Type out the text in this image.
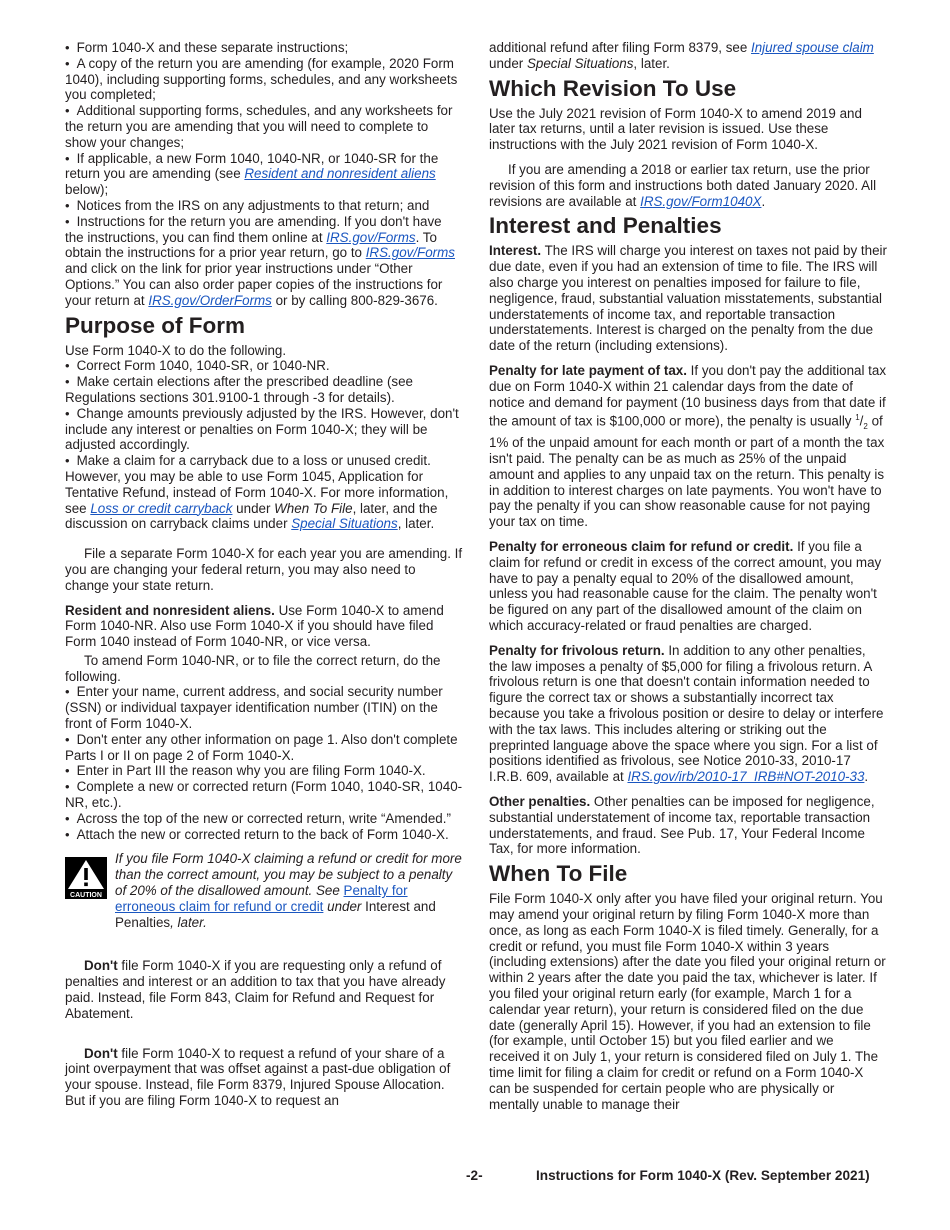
• Form 1040-X and these separate instructions;

• A copy of the return you are amending (for example, 2020 Form 1040), including supporting forms, schedules, and any worksheets you completed;

• Additional supporting forms, schedules, and any worksheets for the return you are amending that you will need to complete to show your changes;

• If applicable, a new Form 1040, 1040-NR, or 1040-SR for the return you are amending (see Resident and nonresident aliens below);

• Notices from the IRS on any adjustments to that return; and

• Instructions for the return you are amending. If you don't have the instructions, you can find them online at IRS.gov/Forms. To obtain the instructions for a prior year return, go to IRS.gov/Forms and click on the link for prior year instructions under “Other Options.” You can also order paper copies of the instructions for your return at IRS.gov/OrderForms or by calling 800-829-3676.

Purpose of Form

Use Form 1040-X to do the following.

• Correct Form 1040, 1040-SR, or 1040-NR.

• Make certain elections after the prescribed deadline (see Regulations sections 301.9100-1 through -3 for details).

• Change amounts previously adjusted by the IRS. However, don't include any interest or penalties on Form 1040-X; they will be adjusted accordingly.

• Make a claim for a carryback due to a loss or unused credit. However, you may be able to use Form 1045, Application for Tentative Refund, instead of Form 1040-X. For more information, see Loss or credit carryback under When To File, later, and the discussion on carryback claims under Special Situations, later.

File a separate Form 1040-X for each year you are amending. If you are changing your federal return, you may also need to change your state return.

Resident and nonresident aliens. Use Form 1040-X to amend Form 1040-NR. Also use Form 1040-X if you should have filed Form 1040 instead of Form 1040-NR, or vice versa.

To amend Form 1040-NR, or to file the correct return, do the following.

• Enter your name, current address, and social security number (SSN) or individual taxpayer identification number (ITIN) on the front of Form 1040-X.

• Don't enter any other information on page 1. Also don't complete Parts I or II on page 2 of Form 1040-X.

• Enter in Part III the reason why you are filing Form 1040-X.

• Complete a new or corrected return (Form 1040, 1040-SR, 1040-NR, etc.).

• Across the top of the new or corrected return, write “Amended.”

• Attach the new or corrected return to the back of Form 1040-X.

CAUTION

If you file Form 1040-X claiming a refund or credit for more than the correct amount, you may be subject to a penalty of 20% of the disallowed amount. See Penalty for erroneous claim for refund or credit under Interest and Penalties, later.

Don't file Form 1040-X if you are requesting only a refund of penalties and interest or an addition to tax that you have already paid. Instead, file Form 843, Claim for Refund and Request for Abatement.

Don't file Form 1040-X to request a refund of your share of a joint overpayment that was offset against a past-due obligation of your spouse. Instead, file Form 8379, Injured Spouse Allocation. But if you are filing Form 1040-X to request an

additional refund after filing Form 8379, see Injured spouse claim under Special Situations, later.

Which Revision To Use

Use the July 2021 revision of Form 1040-X to amend 2019 and later tax returns, until a later revision is issued. Use these instructions with the July 2021 revision of Form 1040-X.

If you are amending a 2018 or earlier tax return, use the prior revision of this form and instructions both dated January 2020. All revisions are available at IRS.gov/Form1040X.

Interest and Penalties

Interest. The IRS will charge you interest on taxes not paid by their due date, even if you had an extension of time to file. The IRS will also charge you interest on penalties imposed for failure to file, negligence, fraud, substantial valuation misstatements, substantial understatements of income tax, and reportable transaction understatements. Interest is charged on the penalty from the due date of the return (including extensions).

Penalty for late payment of tax. If you don't pay the additional tax due on Form 1040-X within 21 calendar days from the date of notice and demand for payment (10 business days from that date if the amount of tax is $100,000 or more), the penalty is usually $^1/_2$ of 1% of the unpaid amount for each month or part of a month the tax isn't paid. The penalty can be as much as 25% of the unpaid amount and applies to any unpaid tax on the return. This penalty is in addition to interest charges on late payments. You won't have to pay the penalty if you can show reasonable cause for not paying your tax on time.

Penalty for erroneous claim for refund or credit. If you file a claim for refund or credit in excess of the correct amount, you may have to pay a penalty equal to 20% of the disallowed amount, unless you had reasonable cause for the claim. The penalty won't be figured on any part of the disallowed amount of the claim on which accuracy-related or fraud penalties are charged.

Penalty for frivolous return. In addition to any other penalties, the law imposes a penalty of $5,000 for filing a frivolous return. A frivolous return is one that doesn't contain information needed to figure the correct tax or shows a substantially incorrect tax because you take a frivolous position or desire to delay or interfere with the tax laws. This includes altering or striking out the preprinted language above the space where you sign. For a list of positions identified as frivolous, see Notice 2010-33, 2010-17 I.R.B. 609, available at IRS.gov/irb/2010-17_IRB#NOT-2010-33.

Other penalties. Other penalties can be imposed for negligence, substantial understatement of income tax, reportable transaction understatements, and fraud. See Pub. 17, Your Federal Income Tax, for more information.

When To File

File Form 1040-X only after you have filed your original return. You may amend your original return by filing Form 1040-X more than once, as long as each Form 1040-X is filed timely. Generally, for a credit or refund, you must file Form 1040-X within 3 years (including extensions) after the date you filed your original return or within 2 years after the date you paid the tax, whichever is later. If you filed your original return early (for example, March 1 for a calendar year return), your return is considered filed on the due date (generally April 15). However, if you had an extension to file (for example, until October 15) but you filed earlier and we received it on July 1, your return is considered filed on July 1. The time limit for filing a claim for credit or refund on a Form 1040-X can be suspended for certain people who are physically or mentally unable to manage their

-2-	Instructions for Form 1040-X (Rev. September 2021)
